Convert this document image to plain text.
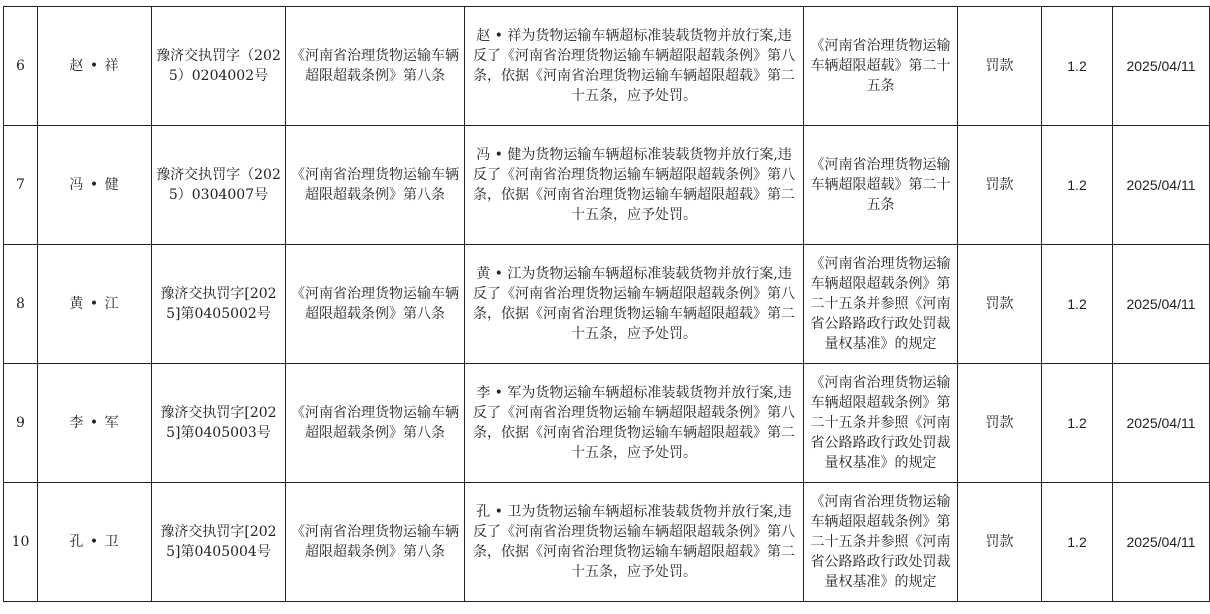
6	赵 • 祥	豫济交执罚字（2025）0204002号	《河南省治理货物运输车辆超限超载条例》第八条	赵 • 祥为货物运输车辆超标准装载货物并放行案,违反了《河南省治理货物运输车辆超限超载条例》第八条，依据《河南省治理货物运输车辆超限超载》第二十五条，应予处罚。	《河南省治理货物运输车辆超限超载》第二十五条	罚款	1.2	2025/04/11
7	冯 • 健	豫济交执罚字（2025）0304007号	《河南省治理货物运输车辆超限超载条例》第八条	冯 • 健为货物运输车辆超标准装载货物并放行案,违反了《河南省治理货物运输车辆超限超载条例》第八条，依据《河南省治理货物运输车辆超限超载》第二十五条，应予处罚。	《河南省治理货物运输车辆超限超载》第二十五条	罚款	1.2	2025/04/11
8	黄 • 江	豫济交执罚字[2025]第0405002号	《河南省治理货物运输车辆超限超载条例》第八条	黄 • 江为货物运输车辆超标准装载货物并放行案,违反了《河南省治理货物运输车辆超限超载条例》第八条，依据《河南省治理货物运输车辆超限超载》第二十五条，应予处罚。	《河南省治理货物运输车辆超限超载条例》第二十五条并参照《河南省公路路政行政处罚裁量权基准》的规定	罚款	1.2	2025/04/11
9	李 • 军	豫济交执罚字[2025]第0405003号	《河南省治理货物运输车辆超限超载条例》第八条	李 • 军为货物运输车辆超标准装载货物并放行案,违反了《河南省治理货物运输车辆超限超载条例》第八条，依据《河南省治理货物运输车辆超限超载》第二十五条，应予处罚。	《河南省治理货物运输车辆超限超载条例》第二十五条并参照《河南省公路路政行政处罚裁量权基准》的规定	罚款	1.2	2025/04/11
10	孔 • 卫	豫济交执罚字[2025]第0405004号	《河南省治理货物运输车辆超限超载条例》第八条	孔 • 卫为货物运输车辆超标准装载货物并放行案,违反了《河南省治理货物运输车辆超限超载条例》第八条，依据《河南省治理货物运输车辆超限超载》第二十五条，应予处罚。	《河南省治理货物运输车辆超限超载条例》第二十五条并参照《河南省公路路政行政处罚裁量权基准》的规定	罚款	1.2	2025/04/11
